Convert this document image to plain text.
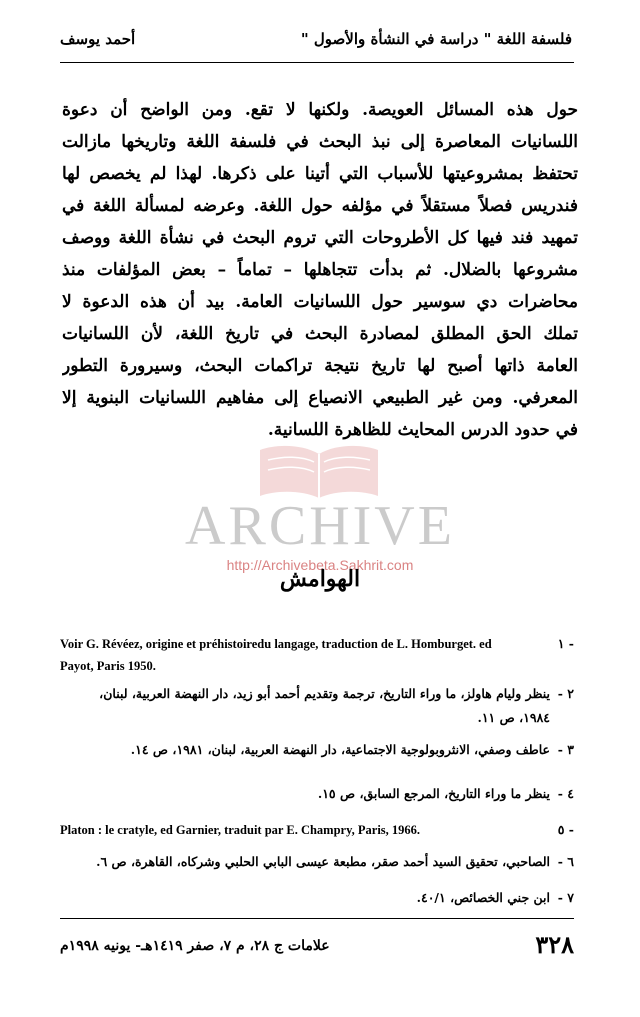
فلسفة اللغة " دراسة في النشأة والأصول "
أحمد يوسف
حول هذه المسائل العويصة. ولكنها لا تقع. ومن الواضح أن دعوة
اللسانيات المعاصرة إلى نبذ البحث في فلسفة اللغة وتاريخها مازالت
تحتفظ بمشروعيتها للأسباب التي أتينا على ذكرها. لهذا لم يخصص لها
فندريس فصلاً مستقلاً في مؤلفه حول اللغة. وعرضه لمسألة اللغة في
تمهيد فند فيها كل الأطروحات التي تروم البحث في نشأة اللغة ووصف
مشروعها بالضلال. ثم بدأت تتجاهلها – تماماً – بعض المؤلفات منذ
محاضرات دي سوسير حول اللسانيات العامة. بيد أن هذه الدعوة لا
تملك الحق المطلق لمصادرة البحث في تاريخ اللغة، لأن اللسانيات
العامة ذاتها أصبح لها تاريخ نتيجة تراكمات البحث، وسيرورة التطور
المعرفي. ومن غير الطبيعي الانصياع إلى مفاهيم اللسانيات البنوية إلا
في حدود الدرس المحايث للظاهرة اللسانية.
ARCHIVE
http://Archivebeta.Sakhrit.com
الهوامش
- ١
Voir G. Révéez, origine et préhistoiredu langage, traduction de L. Homburget. ed
Payot, Paris 1950.
٢ -
ينظر وليام هاولز، ما وراء التاريخ، ترجمة وتقديم أحمد أبو زيد، دار النهضة العربية، لبنان،
١٩٨٤، ص ١١.
٣ -
عاطف وصفي، الانثروبولوجية الاجتماعية، دار النهضة العربية، لبنان، ١٩٨١، ص ١٤.
٤ -
ينظر ما وراء التاريخ، المرجع السابق، ص ١٥.
- ٥
Platon : le cratyle, ed Garnier, traduit par E. Champry, Paris, 1966.
٦ -
الصاحبي، تحقيق السيد أحمد صقر، مطبعة عيسى البابي الحلبي وشركاه، القاهرة، ص ٦.
٧ -
ابن جني الخصائص، ٤٠/١.
علامات ج ٢٨، م ٧، صفر ١٤١٩هـ- يونيه ١٩٩٨م	٣٢٨
